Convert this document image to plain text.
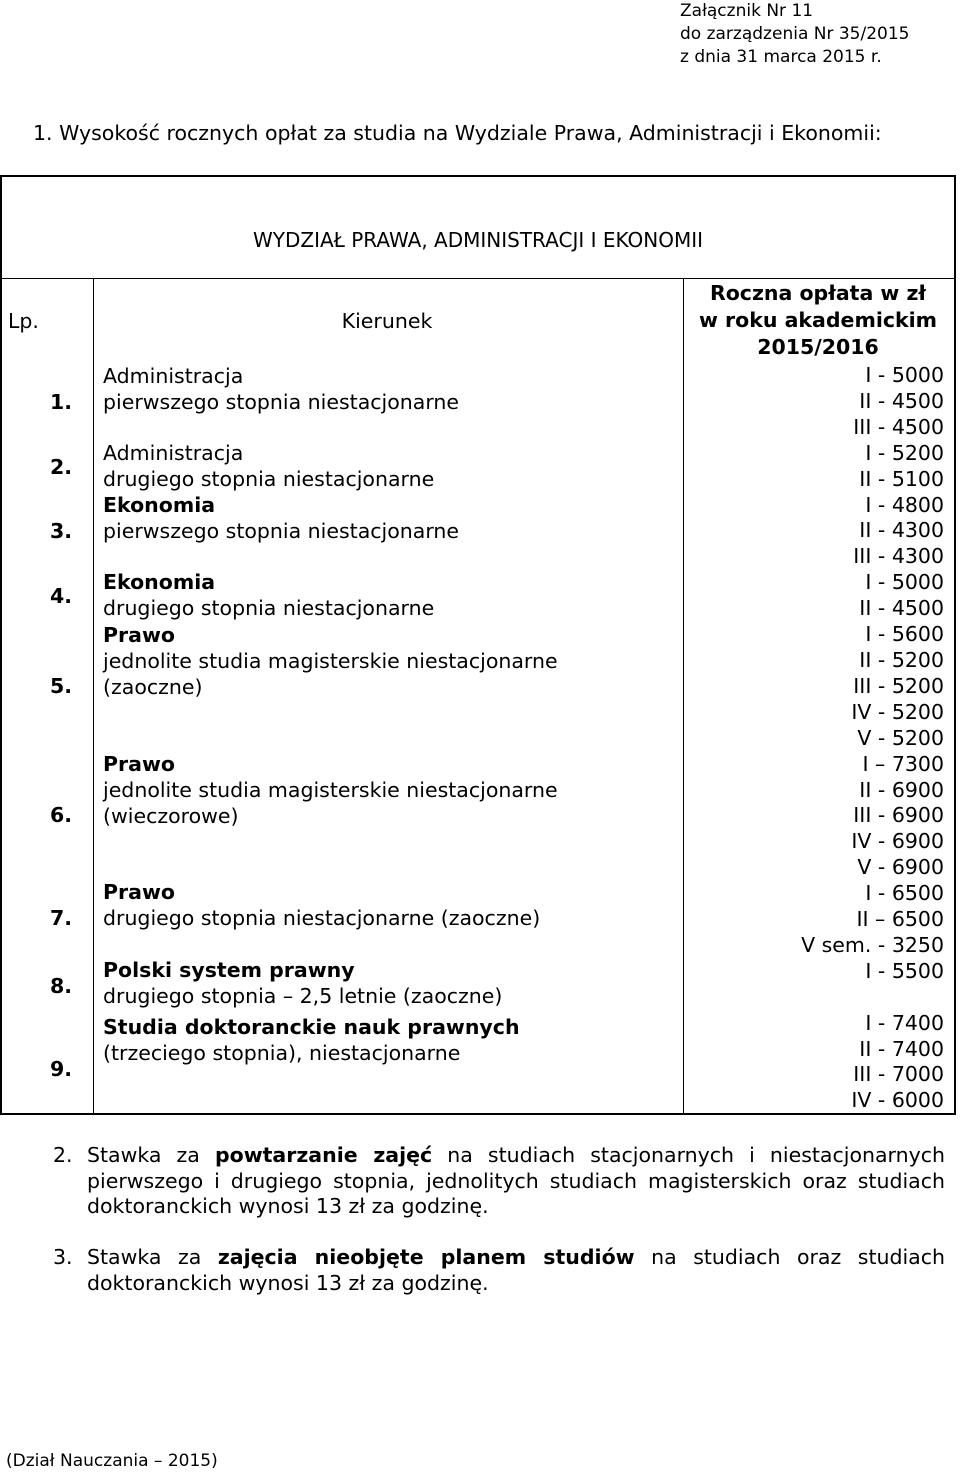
Załącznik Nr 11
do zarządzenia Nr 35/2015
z dnia 31 marca 2015 r.
1. Wysokość rocznych opłat za studia na Wydziale Prawa, Administracji i Ekonomii:
WYDZIAŁ PRAWA, ADMINISTRACJI I EKONOMII
Lp.	Kierunek
Roczna opłata w zł
w roku akademickim
2015/2016

1.

2.

3.

4.

5.

6.

7.

8.

9.

Administracja
pierwszego stopnia niestacjonarne
Administracja
drugiego stopnia niestacjonarne
Ekonomia
pierwszego stopnia niestacjonarne
Ekonomia
drugiego stopnia niestacjonarne
Prawo
jednolite studia magisterskie niestacjonarne
(zaoczne)
Prawo
jednolite studia magisterskie niestacjonarne
(wieczorowe)
Prawo
drugiego stopnia niestacjonarne (zaoczne)
Polski system prawny
drugiego stopnia – 2,5 letnie (zaoczne)
Studia doktoranckie nauk prawnych
(trzeciego stopnia), niestacjonarne
I - 5000
II - 4500
III - 4500
I - 5200
II - 5100
I - 4800
II - 4300
III - 4300
I - 5000
II - 4500
I - 5600
II - 5200
III - 5200
IV - 5200
V - 5200
I – 7300
II - 6900
III - 6900
IV - 6900
V - 6900
I - 6500
II – 6500
V sem. - 3250
I - 5500
I - 7400
II - 7400
III - 7000
IV - 6000
2. Stawka za powtarzanie zajęć na studiach stacjonarnych i niestacjonarnych pierwszego i drugiego stopnia, jednolitych studiach magisterskich oraz studiach doktoranckich wynosi 13 zł za godzinę.
3. Stawka za zajęcia nieobjęte planem studiów na studiach oraz studiach doktoranckich wynosi 13 zł za godzinę.
(Dział Nauczania – 2015)
